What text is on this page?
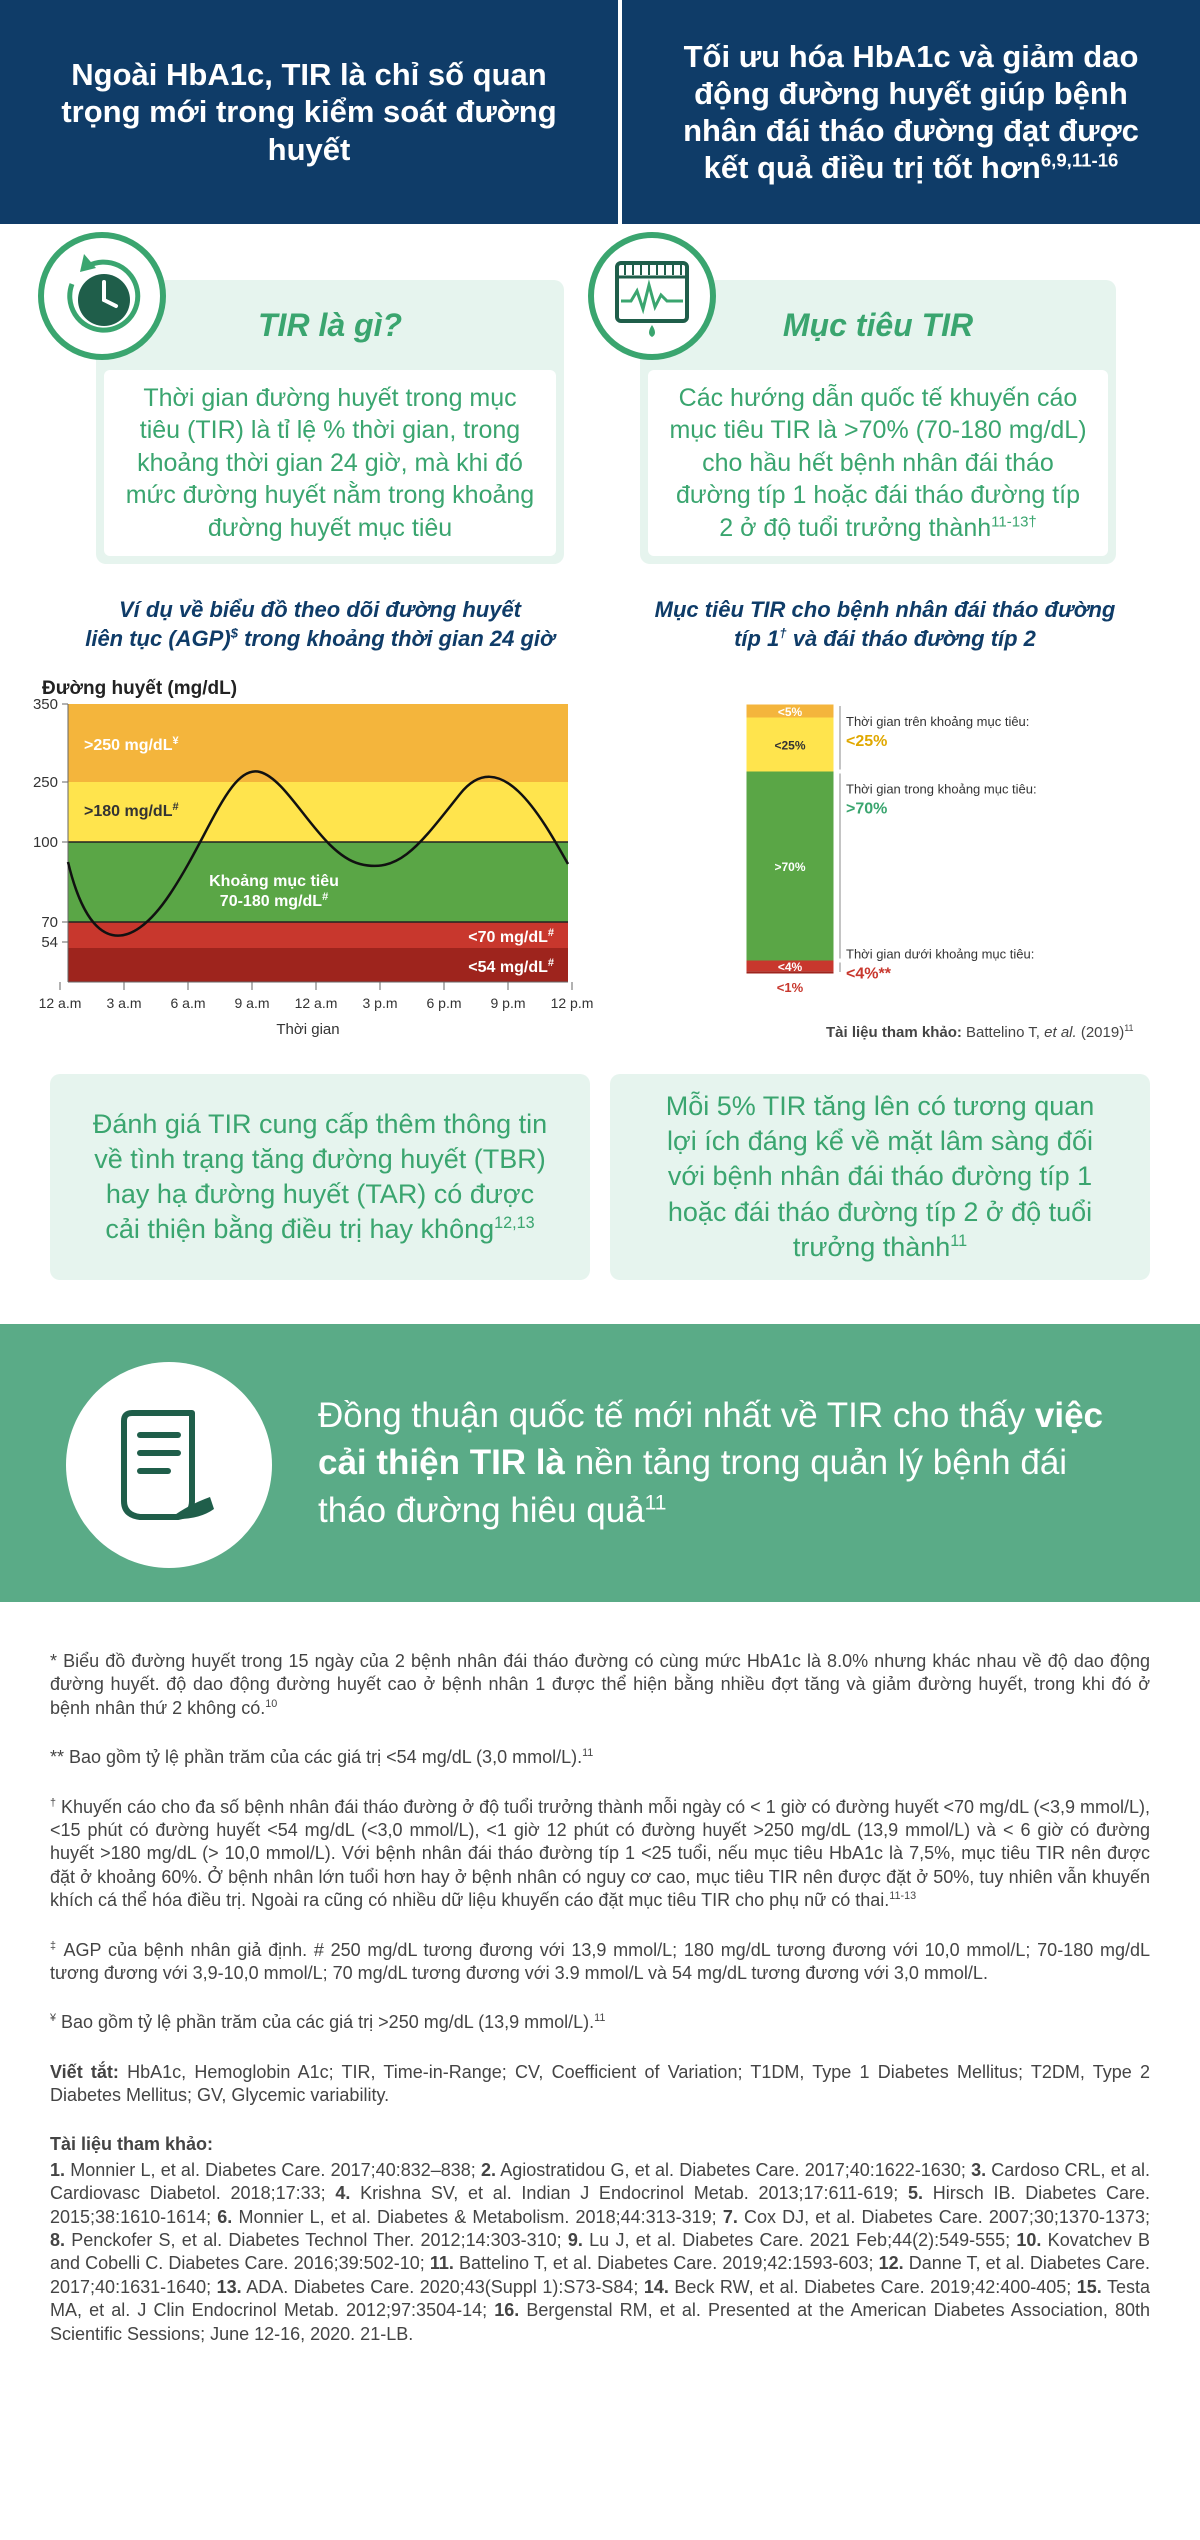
Ngoài HbA1c, TIR là chỉ số quan trọng mới trong kiểm soát đường huyết
Tối ưu hóa HbA1c và giảm dao động đường huyết giúp bệnh nhân đái tháo đường đạt được kết quả điều trị tốt hơn$^{6,9,11-16}$
TIR là gì?
Thời gian đường huyết trong mục tiêu (TIR) là tỉ lệ % thời gian, trong khoảng thời gian 24 giờ, mà khi đó mức đường huyết nằm trong khoảng đường huyết mục tiêu
Mục tiêu TIR
Các hướng dẫn quốc tế khuyến cáo mục tiêu TIR là >70% (70-180 mg/dL) cho hầu hết bệnh nhân đái tháo đường típ 1 hoặc đái tháo đường típ 2 ở độ tuổi trưởng thành$^{11-13\dagger}$
Ví dụ về biểu đồ theo dõi đường huyết
liên tục (AGP)$ trong khoảng thời gian 24 giờ
Đường huyết (mg/dL)
54
70
100
250
350
12 a.m 3 a.m 6 a.m 9 a.m 12 a.m 3 p.m 6 p.m 9 p.m 12 p.m
Thời gian
>250 mg/dL¥
>180 mg/dL#
Khoảng mục tiêu
70-180 mg/dL#
<70 mg/dL#
<54 mg/dL#
Mục tiêu TIR cho bệnh nhân đái tháo đường
típ 1† và đái tháo đường típ 2
<1%
<4%
>70%
<25%
<5%
Thời gian trên khoảng mục tiêu:
<25%
Thời gian trong khoảng mục tiêu:
>70%
Thời gian dưới khoảng mục tiêu:
<4%**
Tài liệu tham khảo: Battelino T, et al. $(2019)^{11}$
Đánh giá TIR cung cấp thêm thông tin về tình trạng tăng đường huyết (TBR) hay hạ đường huyết (TAR) có được cải thiện bằng điều trị hay không$^{12,13}$
Mỗi 5% TIR tăng lên có tương quan lợi ích đáng kể về mặt lâm sàng đối với bệnh nhân đái tháo đường típ 1 hoặc đái tháo đường típ 2 ở độ tuổi trưởng thành$^{11}$
Đồng thuận quốc tế mới nhất về TIR cho thấy việc cải thiện TIR là nền tảng trong quản lý bệnh đái tháo đường hiêu quả$^{11}$

* Biểu đồ đường huyết trong 15 ngày của 2 bệnh nhân đái tháo đường có cùng mức HbA1c là 8.0% nhưng khác nhau về độ dao động đường huyết. độ dao động đường huyết cao ở bệnh nhân 1 được thể hiện bằng nhiều đợt tăng và giảm đường huyết, trong khi đó ở bệnh nhân thứ 2 không có.$^{10}$

** Bao gồm tỷ lệ phần trăm của các giá trị <54 mg/dL (3,0 mmol/L).$^{11}$

† Khuyến cáo cho đa số bệnh nhân đái tháo đường ở độ tuổi trưởng thành mỗi ngày có < 1 giờ có đường huyết <70 mg/dL (<3,9 mmol/L), <15 phút có đường huyết <54 mg/dL (<3,0 mmol/L), <1 giờ 12 phút có đường huyết >250 mg/dL (13,9 mmol/L) và < 6 giờ có đường huyết >180 mg/dL (> 10,0 mmol/L). Với bệnh nhân đái tháo đường típ 1 <25 tuổi, nếu mục tiêu HbA1c là 7,5%, mục tiêu TIR nên được đặt ở khoảng 60%. Ở bệnh nhân lớn tuổi hơn hay ở bệnh nhân có nguy cơ cao, mục tiêu TIR nên được đặt ở 50%, tuy nhiên vẫn khuyến khích cá thể hóa điều trị. Ngoài ra cũng có nhiều dữ liệu khuyến cáo đặt mục tiêu TIR cho phụ nữ có thai.$^{11-13}$

‡ AGP của bệnh nhân giả định. # 250 mg/dL tương đương với 13,9 mmol/L; 180 mg/dL tương đương với 10,0 mmol/L; 70-180 mg/dL tương đương với 3,9-10,0 mmol/L; 70 mg/dL tương đương với 3.9 mmol/L và 54 mg/dL tương đương với 3,0 mmol/L.

¥ Bao gồm tỷ lệ phần trăm của các giá trị >250 mg/dL (13,9 mmol/L).$^{11}$

Viết tắt: HbA1c, Hemoglobin A1c; TIR, Time-in-Range; CV, Coefficient of Variation; T1DM, Type 1 Diabetes Mellitus; T2DM, Type 2 Diabetes Mellitus; GV, Glycemic variability.

Tài liệu tham khảo:
1. Monnier L, et al. Diabetes Care. 2017;40:832–838; 2. Agiostratidou G, et al. Diabetes Care. 2017;40:1622-1630; 3. Cardoso CRL, et al. Cardiovasc Diabetol. 2018;17:33; 4. Krishna SV, et al. Indian J Endocrinol Metab. 2013;17:611-619; 5. Hirsch IB. Diabetes Care. 2015;38:1610-1614; 6. Monnier L, et al. Diabetes & Metabolism. 2018;44:313-319; 7. Cox DJ, et al. Diabetes Care. 2007;30;1370-1373; 8. Penckofer S, et al. Diabetes Technol Ther. 2012;14:303-310; 9. Lu J, et al. Diabetes Care. 2021 Feb;44(2):549-555; 10. Kovatchev B and Cobelli C. Diabetes Care. 2016;39:502-10; 11. Battelino T, et al. Diabetes Care. 2019;42:1593-603; 12. Danne T, et al. Diabetes Care. 2017;40:1631-1640; 13. ADA. Diabetes Care. 2020;43(Suppl 1):S73-S84; 14. Beck RW, et al. Diabetes Care. 2019;42:400-405; 15. Testa MA, et al. J Clin Endocrinol Metab. 2012;97:3504-14; 16. Bergenstal RM, et al. Presented at the American Diabetes Association, 80th Scientific Sessions; June 12-16, 2020. 21-LB.
